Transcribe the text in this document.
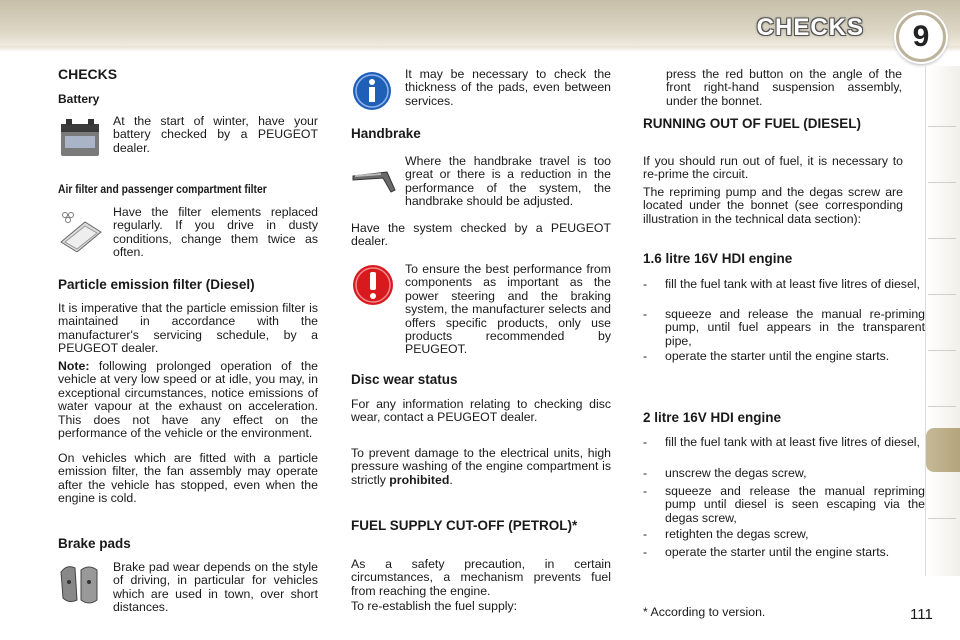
CHECKS	9
CHECKS
Battery
At the start of winter, have your battery checked by a PEUGEOT dealer.
Air filter and passenger compartment filter
Have the filter elements replaced regularly. If you drive in dusty conditions, change them twice as often.
Particle emission filter (Diesel)
It is imperative that the particle emission filter is maintained in accordance with the manufacturer's servicing schedule, by a PEUGEOT dealer.
Note: following prolonged operation of the vehicle at very low speed or at idle, you may, in exceptional circumstances, notice emissions of water vapour at the exhaust on acceleration. This does not have any effect on the performance of the vehicle or the environment.
On vehicles which are fitted with a particle emission filter, the fan assembly may operate after the vehicle has stopped, even when the engine is cold.
Brake pads
Brake pad wear depends on the style of driving, in particular for vehicles which are used in town, over short distances.
It may be necessary to check the thickness of the pads, even between services.
Handbrake
Where the handbrake travel is too great or there is a reduction in the performance of the system, the handbrake should be adjusted.
Have the system checked by a PEUGEOT dealer.
To ensure the best performance from components as important as the power steering and the braking system, the manufacturer selects and offers specific products, only use products recommended by PEUGEOT.
Disc wear status
For any information relating to checking disc wear, contact a PEUGEOT dealer.
To prevent damage to the electrical units, high pressure washing of the engine compartment is strictly prohibited.
FUEL SUPPLY CUT-OFF (PETROL)*
As a safety precaution, in certain circumstances, a mechanism prevents fuel from reaching the engine.
To re-establish the fuel supply:
press the red button on the angle of the front right-hand suspension assembly, under the bonnet.
RUNNING OUT OF FUEL (DIESEL)
If you should run out of fuel, it is necessary to re-prime the circuit.
The repriming pump and the degas screw are located under the bonnet (see corresponding illustration in the technical data section):
1.6 litre 16V HDI engine
- fill the fuel tank with at least five litres of diesel,
- squeeze and release the manual re-priming pump, until fuel appears in the transparent pipe,
- operate the starter until the engine starts.
2 litre 16V HDI engine
- fill the fuel tank with at least five litres of diesel,
- unscrew the degas screw,
- squeeze and release the manual repriming pump until diesel is seen escaping via the degas screw,
- retighten the degas screw,
- operate the starter until the engine starts.
* According to version.	111
